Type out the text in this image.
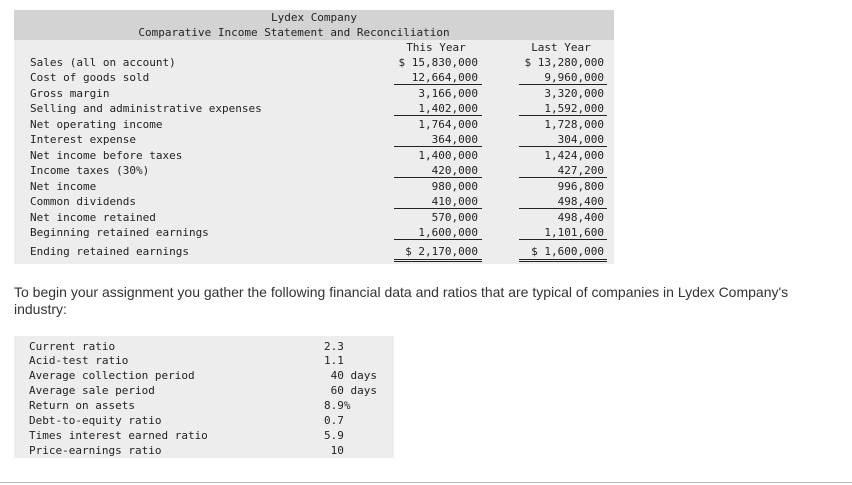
Lydex Company
Comparative Income Statement and Reconciliation
This Year	Last Year
Sales (all on account)	$ 15,830,000	$ 13,280,000
Cost of goods sold	12,664,000	9,960,000
Gross margin	3,166,000	3,320,000
Selling and administrative expenses	1,402,000	1,592,000
Net operating income	1,764,000	1,728,000
Interest expense	364,000	304,000
Net income before taxes	1,400,000	1,424,000
Income taxes (30%)	420,000	427,200
Net income	980,000	996,800
Common dividends	410,000	498,400
Net income retained	570,000	498,400
Beginning retained earnings	1,600,000	1,101,600
Ending retained earnings	$ 2,170,000	$ 1,600,000
To begin your assignment you gather the following financial data and ratios that are typical of companies in Lydex Company's industry:
Current ratio	2.3
Acid-test ratio	1.1
Average collection period	40 days
Average sale period	60 days
Return on assets	8.9%
Debt-to-equity ratio	0.7
Times interest earned ratio	5.9
Price-earnings ratio	10
